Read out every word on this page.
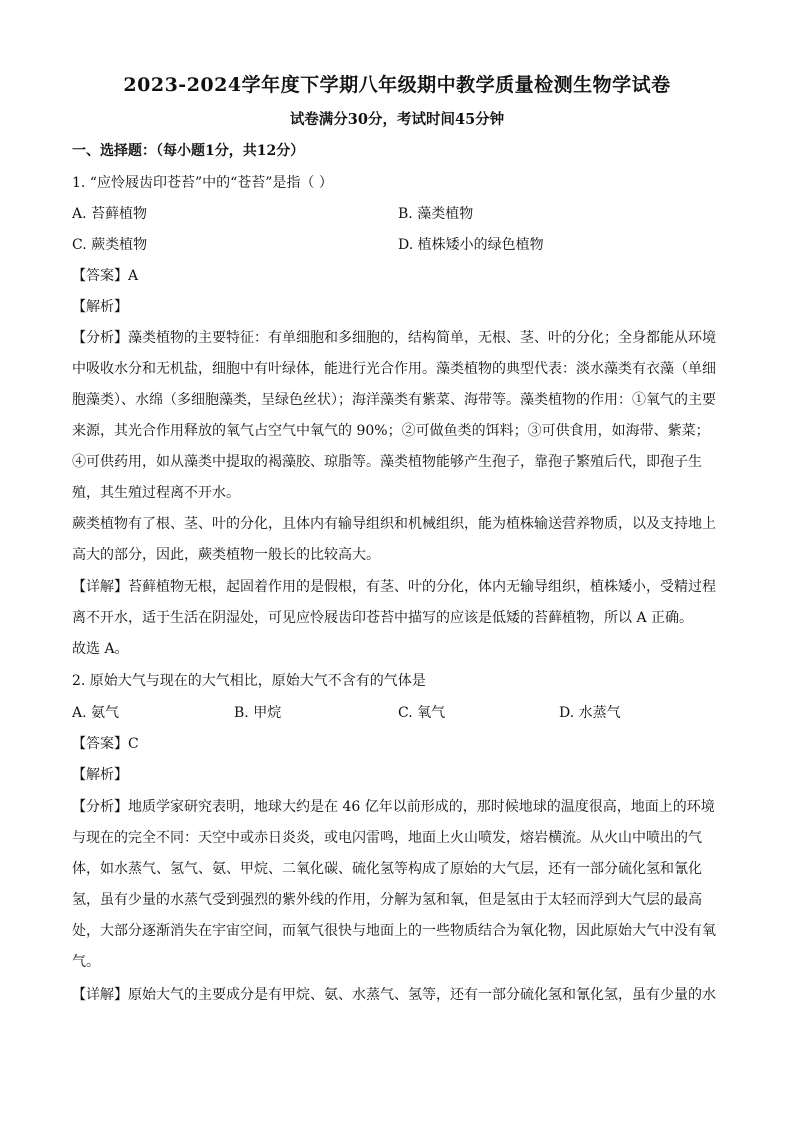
2023-2024学年度下学期八年级期中教学质量检测生物学试卷
试卷满分30分，考试时间45分钟
一、选择题：（每小题1分，共12分）
1. “应怜屐齿印苍苔”中的“苍苔”是指（ ）
A. 苔藓植物	B. 藻类植物
C. 蕨类植物	D. 植株矮小的绿色植物
【答案】A
【解析】
【分析】藻类植物的主要特征：有单细胞和多细胞的，结构简单，无根、茎、叶的分化；全身都能从环境
中吸收水分和无机盐，细胞中有叶绿体，能进行光合作用。藻类植物的典型代表：淡水藻类有衣藻（单细
胞藻类）、水绵（多细胞藻类，呈绿色丝状）；海洋藻类有紫菜、海带等。藻类植物的作用：①氧气的主要
来源，其光合作用释放的氧气占空气中氧气的 90%；②可做鱼类的饵料；③可供食用，如海带、紫菜；
④可供药用，如从藻类中提取的褐藻胶、琼脂等。藻类植物能够产生孢子，靠孢子繁殖后代，即孢子生
殖，其生殖过程离不开水。
蕨类植物有了根、茎、叶的分化，且体内有输导组织和机械组织，能为植株输送营养物质，以及支持地上
高大的部分，因此，蕨类植物一般长的比较高大。
【详解】苔藓植物无根，起固着作用的是假根，有茎、叶的分化，体内无输导组织，植株矮小，受精过程
离不开水，适于生活在阴湿处，可见应怜屐齿印苍苔中描写的应该是低矮的苔藓植物，所以 A 正确。
故选 A。
2. 原始大气与现在的大气相比，原始大气不含有的气体是
A. 氨气	B. 甲烷	C. 氧气	D. 水蒸气
【答案】C
【解析】
【分析】地质学家研究表明，地球大约是在 46 亿年以前形成的，那时候地球的温度很高，地面上的环境
与现在的完全不同：天空中或赤日炎炎，或电闪雷鸣，地面上火山喷发，熔岩横流。从火山中喷出的气
体，如水蒸气、氢气、氨、甲烷、二氧化碳、硫化氢等构成了原始的大气层，还有一部分硫化氢和氰化
氢，虽有少量的水蒸气受到强烈的紫外线的作用，分解为氢和氧，但是氢由于太轻而浮到大气层的最高
处，大部分逐渐消失在宇宙空间，而氧气很快与地面上的一些物质结合为氧化物，因此原始大气中没有氧
气。
【详解】原始大气的主要成分是有甲烷、氨、水蒸气、氢等，还有一部分硫化氢和氰化氢，虽有少量的水
